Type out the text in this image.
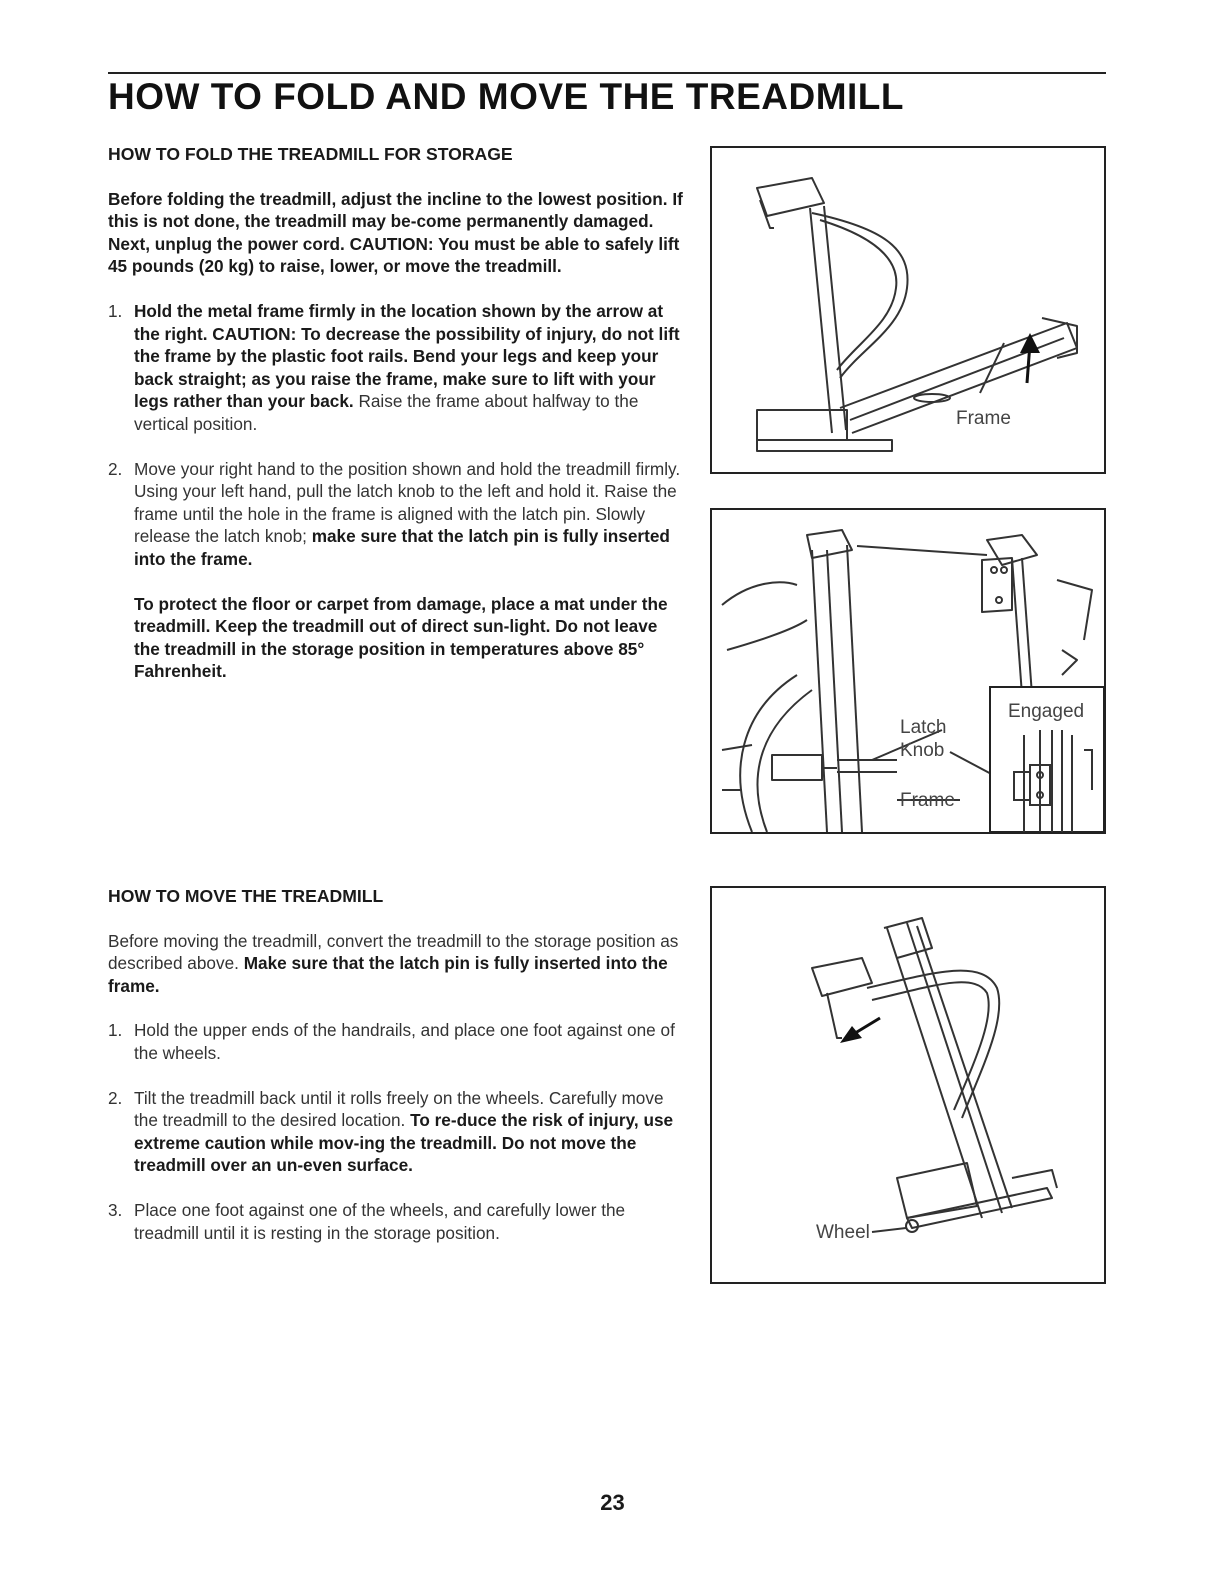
HOW TO FOLD AND MOVE THE TREADMILL

HOW TO FOLD THE TREADMILL FOR STORAGE

Before folding the treadmill, adjust the incline to the lowest position. If this is not done, the treadmill may be-come permanently damaged. Next, unplug the power cord. CAUTION: You must be able to safely lift 45 pounds (20 kg) to raise, lower, or move the treadmill.

1. Hold the metal frame firmly in the location shown by the arrow at the right. CAUTION: To decrease the possibility of injury, do not lift the frame by the plastic foot rails. Bend your legs and keep your back straight; as you raise the frame, make sure to lift with your legs rather than your back. Raise the frame about halfway to the vertical position.
2. Move your right hand to the position shown and hold the treadmill firmly. Using your left hand, pull the latch knob to the left and hold it. Raise the frame until the hole in the frame is aligned with the latch pin. Slowly release the latch knob; make sure that the latch pin is fully inserted into the frame.

To protect the floor or carpet from damage, place a mat under the treadmill. Keep the treadmill out of direct sun-light. Do not leave the treadmill in the storage position in temperatures above 85° Fahrenheit.

HOW TO MOVE THE TREADMILL

Before moving the treadmill, convert the treadmill to the storage position as described above. Make sure that the latch pin is fully inserted into the frame.

1. Hold the upper ends of the handrails, and place one foot against one of the wheels.
2. Tilt the treadmill back until it rolls freely on the wheels. Carefully move the treadmill to the desired location. To re-duce the risk of injury, use extreme caution while mov-ing the treadmill. Do not move the treadmill over an un-even surface.
3. Place one foot against one of the wheels, and carefully lower the treadmill until it is resting in the storage position.
Frame
Engaged
Latch
Knob
Frame
Wheel
23
